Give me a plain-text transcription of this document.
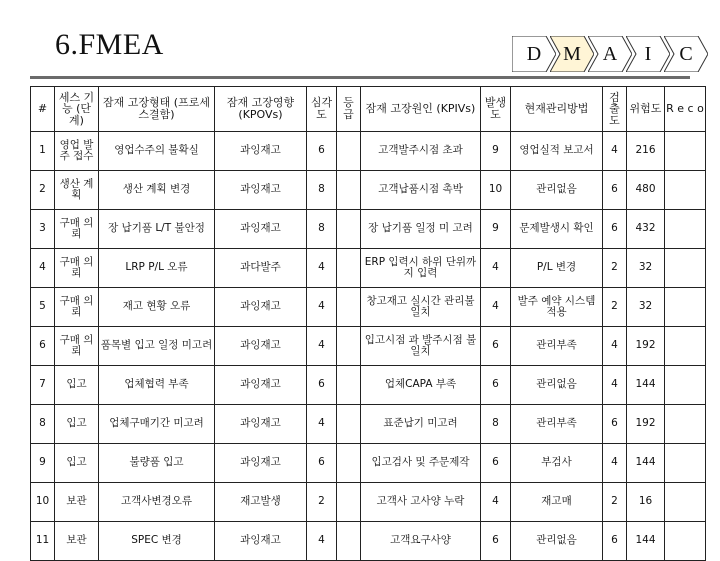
6.FMEA	D M A I C
#	세스 기능 (단계)	잠재 고장형태 (프로세스결함)	잠재 고장영향 (KPOVs)	심각도	등급	잠재 고장원인 (KPIVs)	발생도	현재관리방법	검출도	위험도	R e c o
1	영업 발주 접수	영업수주의 불확실	과잉재고	6		고객발주시점 초과	9	영업실적 보고서	4	216	
2	생산 계획	생산 계획 변경	과잉재고	8		고객납품시점 촉박	10	관리없음	6	480	
3	구매 의뢰	장 납기품 L/T 불안정	과잉재고	8		장 납기품 일정 미 고려	9	문제발생시 확인	6	432	
4	구매 의뢰	LRP P/L 오류	과다발주	4		ERP 입력시 하위 단위까지 입력	4	P/L 변경	2	32	
5	구매 의뢰	재고 현황 오류	과잉재고	4		창고재고 실시간 관리불일치	4	발주 예약 시스템 적용	2	32	
6	구매 의뢰	품목별 입고 일정 미고려	과잉재고	4		입고시점 과 발주시점 불일치	6	관리부족	4	192	
7	입고	업체협력 부족	과잉재고	6		업체CAPA 부족	6	관리없음	4	144	
8	입고	업체구매기간 미고려	과잉재고	4		표준납기 미고려	8	관리부족	6	192	
9	입고	불량품 입고	과잉재고	6		입고검사 및 주문제작	6	부검사	4	144	
10	보관	고객사변경오류	재고발생	2		고객사 고사양 누락	4	재고매	2	16	
11	보관	SPEC 변경	과잉재고	4		고객요구사양	6	관리없음	6	144	
